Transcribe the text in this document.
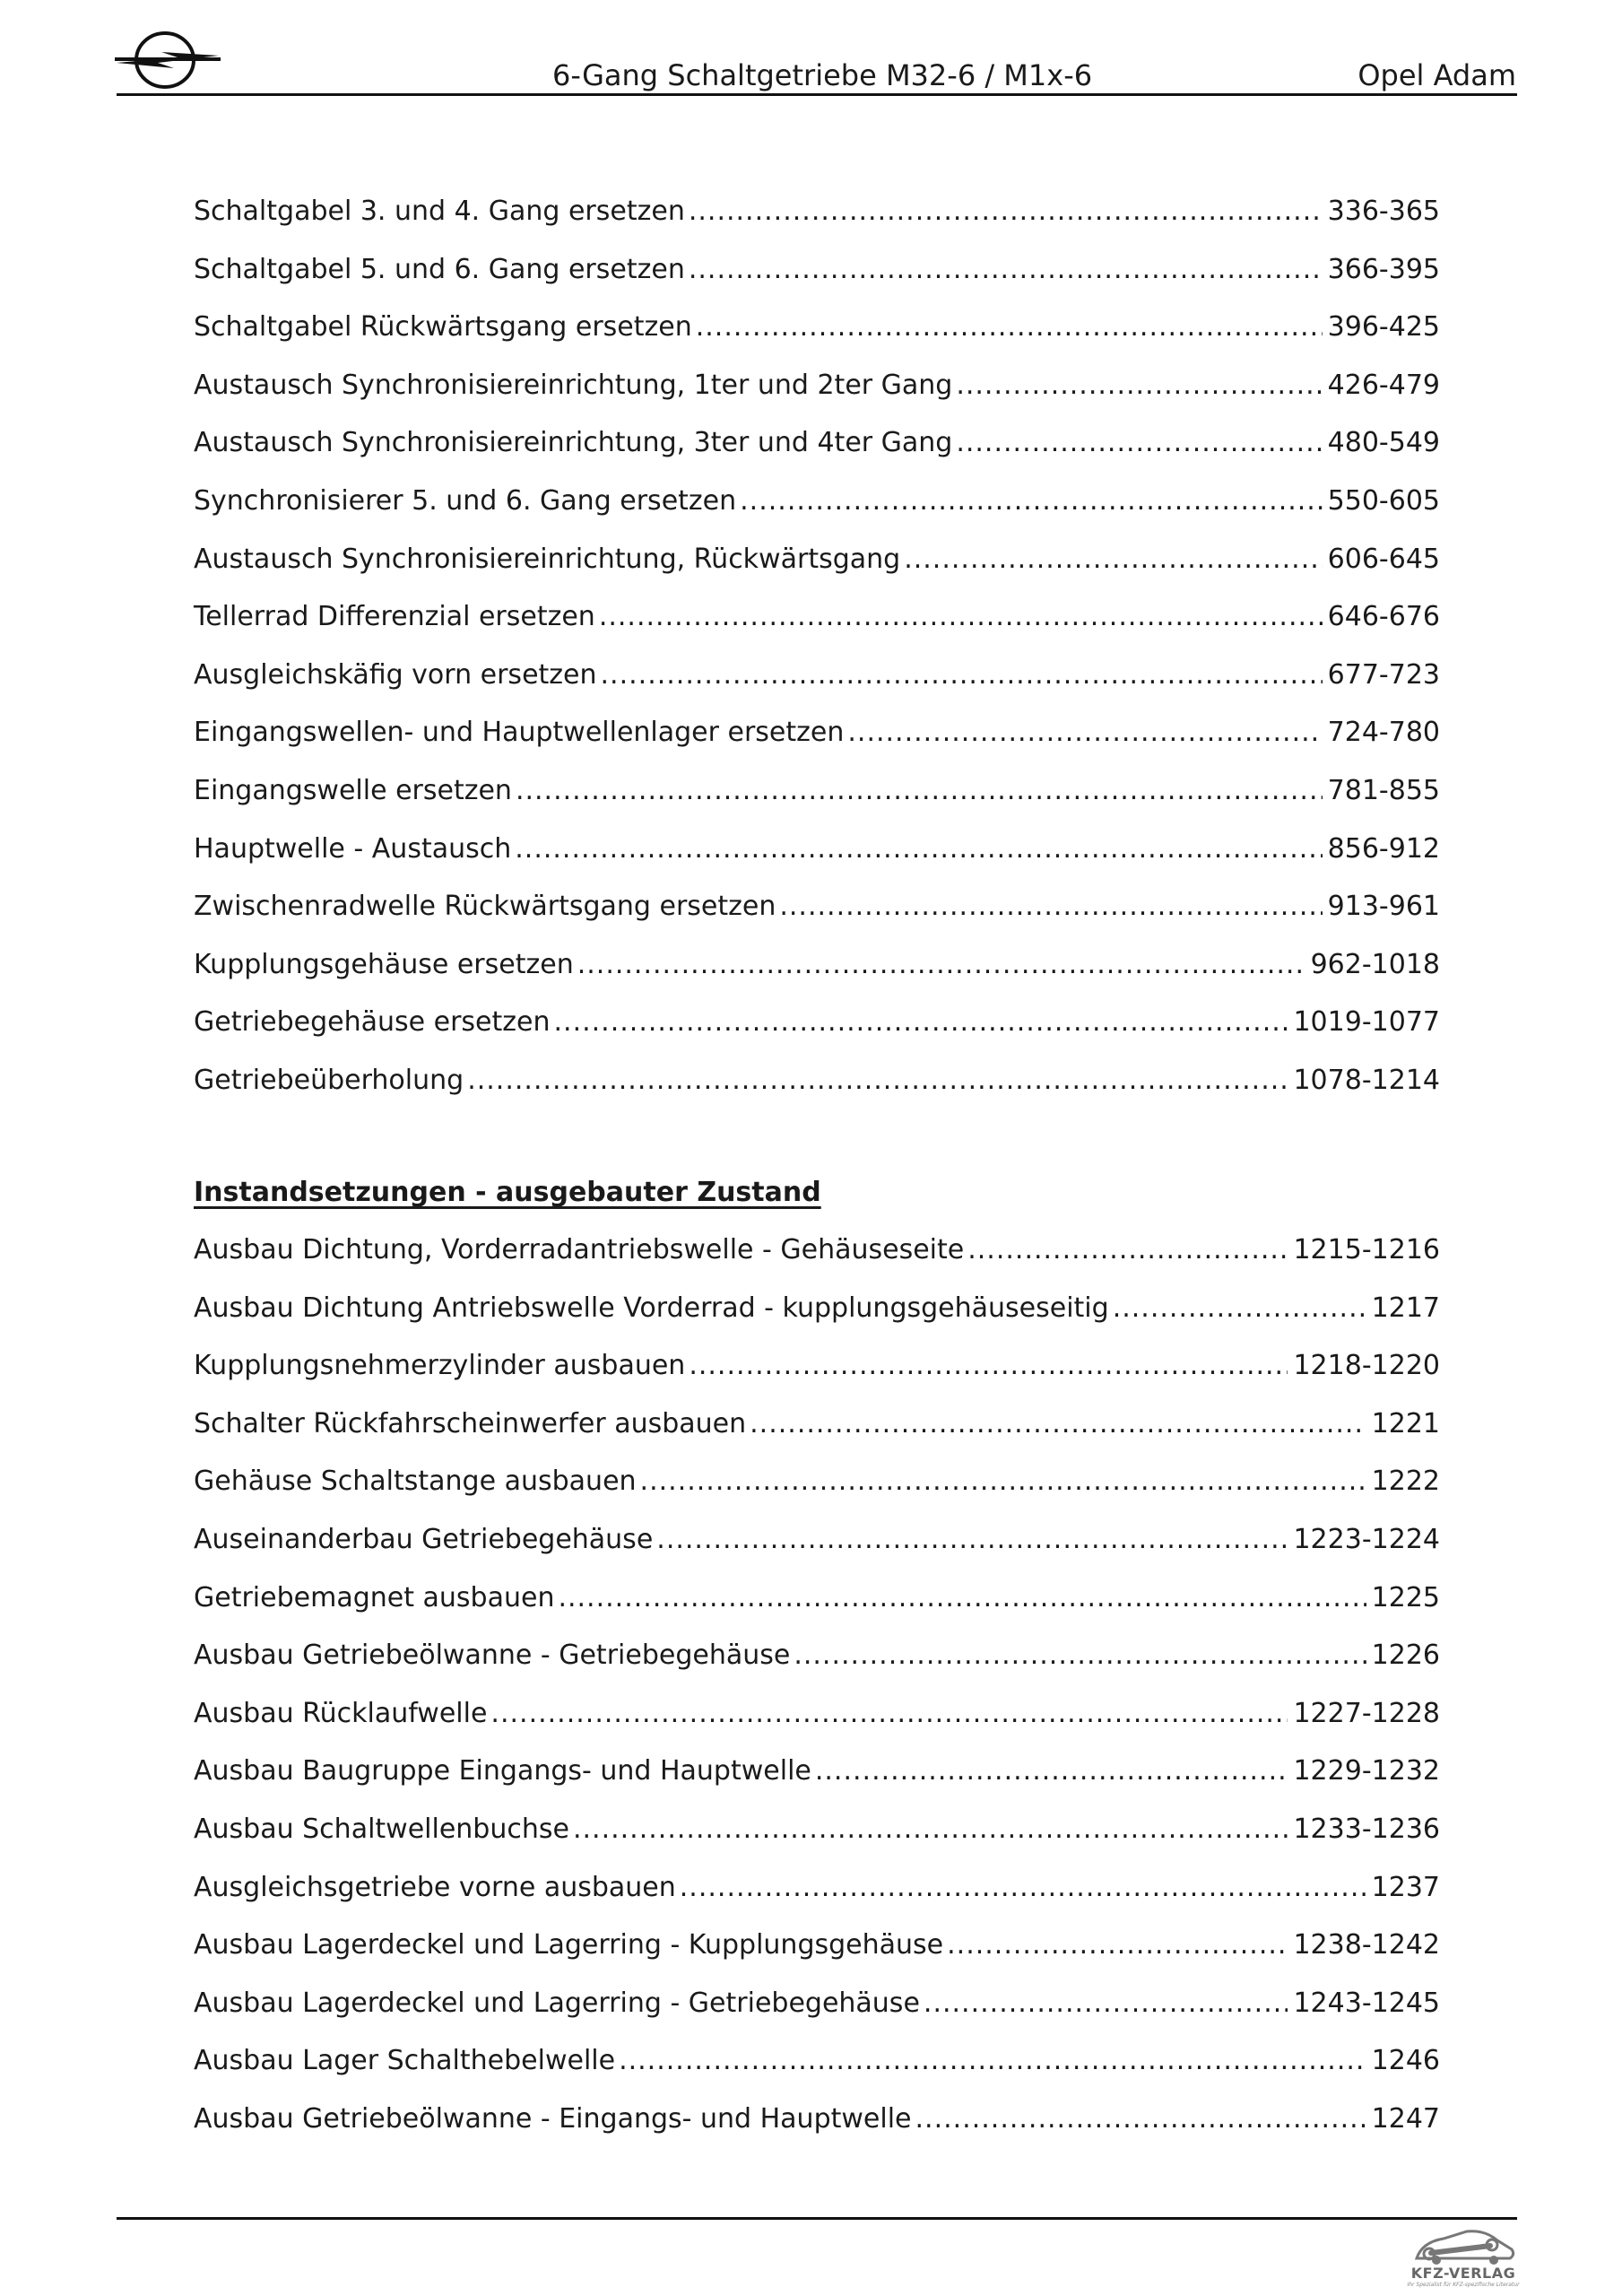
6-Gang Schaltgetriebe M32-6 / M1x-6	Opel Adam
Schaltgabel 3. und 4. Gang ersetzen .....	336-365
Schaltgabel 5. und 6. Gang ersetzen .....	366-395
Schaltgabel Rückwärtsgang ersetzen .....	396-425
Austausch Synchronisiereinrichtung, 1ter und 2ter Gang .....	426-479
Austausch Synchronisiereinrichtung, 3ter und 4ter Gang .....	480-549
Synchronisierer 5. und 6. Gang ersetzen .....	550-605
Austausch Synchronisiereinrichtung, Rückwärtsgang .....	606-645
Tellerrad Differenzial ersetzen .....	646-676
Ausgleichskäfig vorn ersetzen .....	677-723
Eingangswellen- und Hauptwellenlager ersetzen .....	724-780
Eingangswelle ersetzen .....	781-855
Hauptwelle - Austausch .....	856-912
Zwischenradwelle Rückwärtsgang ersetzen .....	913-961
Kupplungsgehäuse ersetzen .....	962-1018
Getriebegehäuse ersetzen .....	1019-1077
Getriebeüberholung .....	1078-1214
Instandsetzungen - ausgebauter Zustand
Ausbau Dichtung, Vorderradantriebswelle - Gehäuseseite .....	1215-1216
Ausbau Dichtung Antriebswelle Vorderrad - kupplungsgehäuseseitig .....	1217
Kupplungsnehmerzylinder ausbauen .....	1218-1220
Schalter Rückfahrscheinwerfer ausbauen .....	1221
Gehäuse Schaltstange ausbauen .....	1222
Auseinanderbau Getriebegehäuse .....	1223-1224
Getriebemagnet ausbauen .....	1225
Ausbau Getriebeölwanne - Getriebegehäuse .....	1226
Ausbau Rücklaufwelle .....	1227-1228
Ausbau Baugruppe Eingangs- und Hauptwelle .....	1229-1232
Ausbau Schaltwellenbuchse .....	1233-1236
Ausgleichsgetriebe vorne ausbauen .....	1237
Ausbau Lagerdeckel und Lagerring - Kupplungsgehäuse .....	1238-1242
Ausbau Lagerdeckel und Lagerring - Getriebegehäuse .....	1243-1245
Ausbau Lager Schalthebelwelle .....	1246
Ausbau Getriebeölwanne - Eingangs- und Hauptwelle .....	1247
KFZ-VERLAG
Ihr Spezialist für KFZ-spezifische Literatur
